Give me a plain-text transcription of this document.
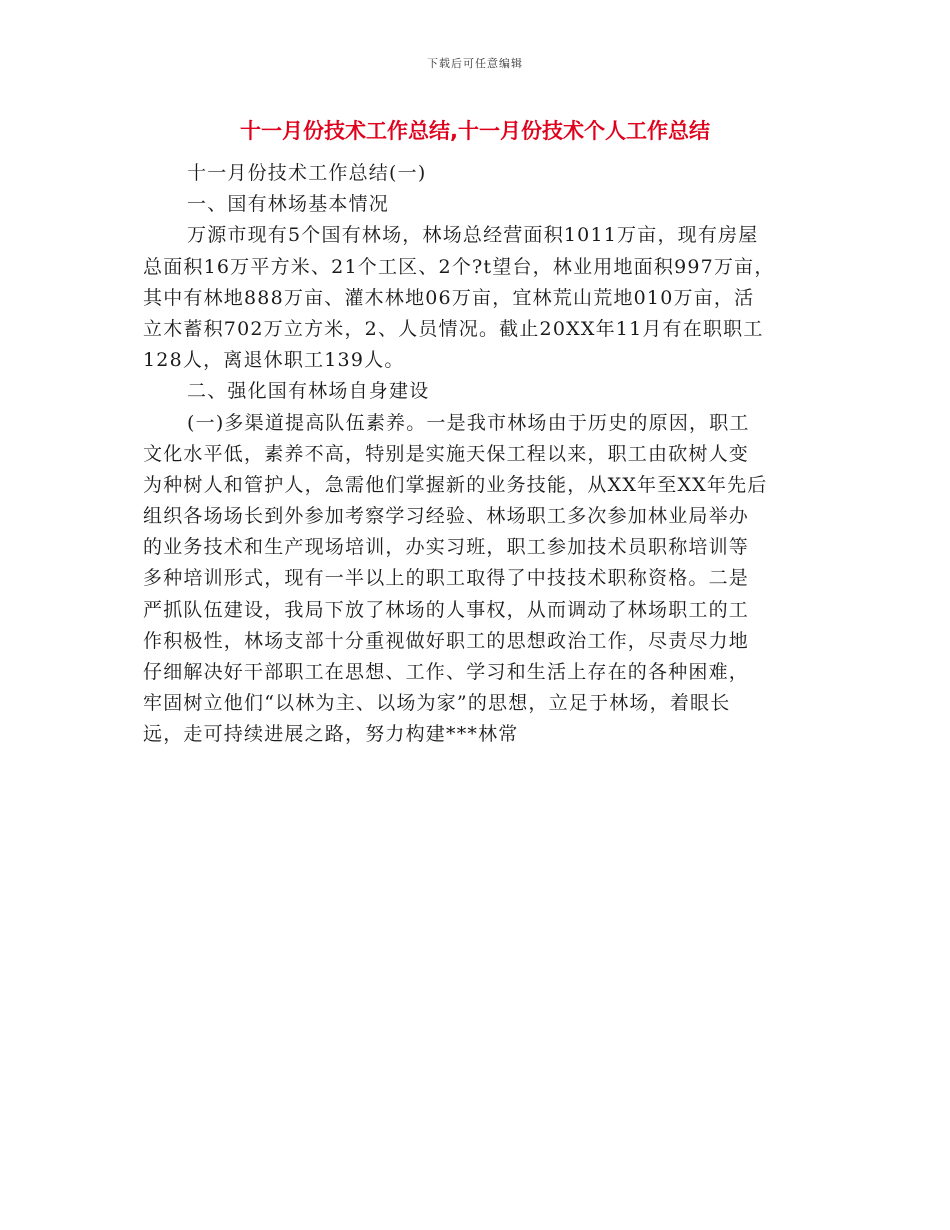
下载后可任意编辑
十一月份技术工作总结,十一月份技术个人工作总结
十一月份技术工作总结(一)
一、国有林场基本情况
万源市现有5个国有林场，林场总经营面积1011万亩，现有房屋
总面积16万平方米、21个工区、2个?t望台，林业用地面积997万亩，
其中有林地888万亩、灌木林地06万亩，宜林荒山荒地010万亩，活
立木蓄积702万立方米，2、人员情况。截止20XX年11月有在职职工
128人，离退休职工139人。
二、强化国有林场自身建设
(一)多渠道提高队伍素养。一是我市林场由于历史的原因，职工
文化水平低，素养不高，特别是实施天保工程以来，职工由砍树人变
为种树人和管护人，急需他们掌握新的业务技能，从XX年至XX年先后
组织各场场长到外参加考察学习经验、林场职工多次参加林业局举办
的业务技术和生产现场培训，办实习班，职工参加技术员职称培训等
多种培训形式，现有一半以上的职工取得了中技技术职称资格。二是
严抓队伍建设，我局下放了林场的人事权，从而调动了林场职工的工
作积极性，林场支部十分重视做好职工的思想政治工作，尽责尽力地
仔细解决好干部职工在思想、工作、学习和生活上存在的各种困难，
牢固树立他们“以林为主、以场为家”的思想，立足于林场，着眼长
远，走可持续进展之路，努力构建***林常
